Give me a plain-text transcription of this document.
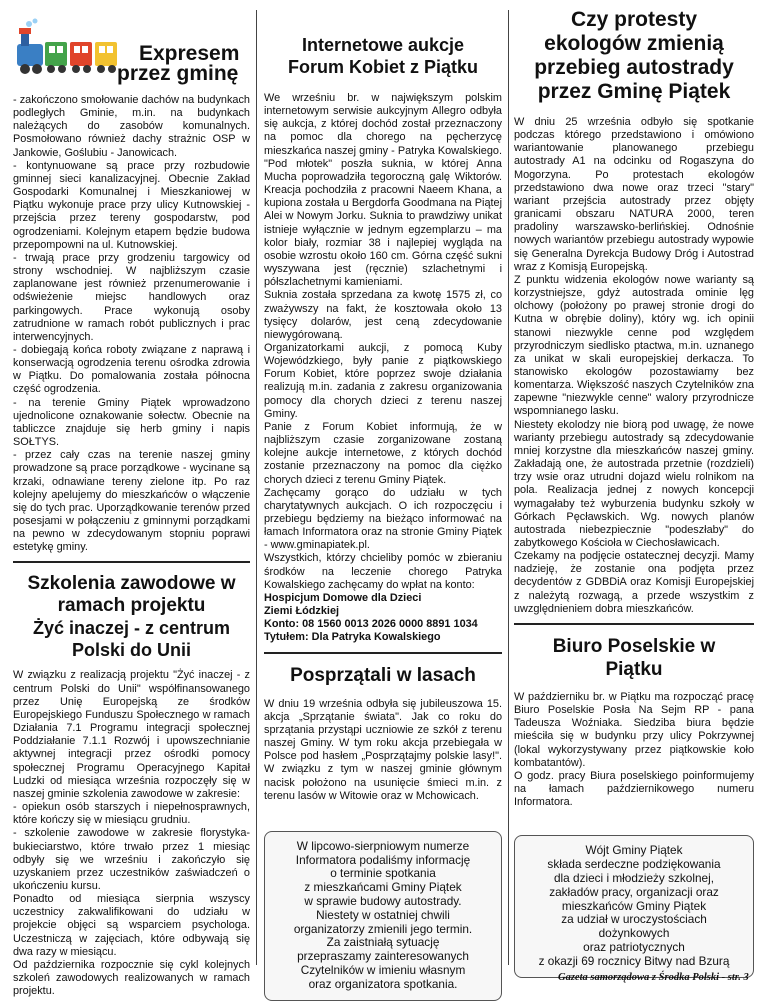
Expresem
przez gminę

- zakończono smołowanie dachów na budynkach podległych Gminie, m.in. na budynkach należących do zasobów komunalnych. Posmołowano również dachy strażnic OSP w Jankowie, Goślubiu - Janowicach.

- kontynuowane są prace przy rozbudowie gminnej sieci kanalizacyjnej. Obecnie Zakład Gospodarki Komunalnej i Mieszkaniowej w Piątku wykonuje prace przy ulicy Kutnowskiej - przejścia przez tereny gospodarstw, pod ogrodzeniami. Kolejnym etapem będzie budowa przepompowni na ul. Kutnowskiej.

- trwają prace przy grodzeniu targowicy od strony wschodniej. W najbliższym czasie zaplanowane jest również przenumerowanie i odświeżenie miejsc handlowych oraz parkingowych. Prace wykonują osoby zatrudnione w ramach robót publicznych i prac interwencyjnych.

- dobiegają końca roboty związane z naprawą i konserwacją ogrodzenia terenu ośrodka zdrowia w Piątku. Do pomalowania została północna część ogrodzenia.

- na terenie Gminy Piątek wprowadzono ujednolicone oznakowanie sołectw. Obecnie na tabliczce znajduje się herb gminy i napis SOŁTYS.

- przez cały czas na terenie naszej gminy prowadzone są prace porządkowe - wycinane są krzaki, odnawiane tereny zielone itp. Po raz kolejny apelujemy do mieszkańców o włączenie się do tych prac. Uporządkowanie terenów przed posesjami w połączeniu z gminnymi porządkami na pewno w zdecydowanym stopniu poprawi estetykę gminy.

Szkolenia zawodowe w ramach projektu
Żyć inaczej - z centrum Polski do Unii

W związku z realizacją projektu "Żyć inaczej - z centrum Polski do Unii" współfinansowanego przez Unię Europejską ze środków Europejskiego Funduszu Społecznego w ramach Działania 7.1 Programu integracji społecznej Poddziałanie 7.1.1 Rozwój i upowszechnianie aktywnej integracji przez ośrodki pomocy społecznej Programu Operacyjnego Kapitał Ludzki od miesiąca września rozpoczęły się w naszej gminie szkolenia zawodowe w zakresie:

- opiekun osób starszych i niepełnosprawnych, które kończy się w miesiącu grudniu.

- szkolenie zawodowe w zakresie florystyka-bukieciarstwo, które trwało przez 1 miesiąc odbyły się we wrześniu i zakończyło się uzyskaniem przez uczestników zaświadczeń o ukończeniu kursu.

Ponadto od miesiąca sierpnia wszyscy uczestnicy zakwalifikowani do udziału w projekcie objęci są wsparciem psychologa. Uczestniczą w zajęciach, które odbywają się dwa razy w miesiącu.

Od października rozpocznie się cykl kolejnych szkoleń zawodowych realizowanych w ramach projektu.

Internetowe aukcje Forum Kobiet z Piątku

We wrześniu br. w największym polskim internetowym serwisie aukcyjnym Allegro odbyła się aukcja, z której dochód został przeznaczony na pomoc dla chorego na pęcherzycę mieszkańca naszej gminy - Patryka Kowalskiego. "Pod młotek" poszła suknia, w której Anna Mucha poprowadziła tegoroczną galę Wiktorów. Kreacja pochodziła z pracowni Naeem Khana, a kupiona została u Bergdorfa Goodmana na Piątej Alei w Nowym Jorku. Suknia to prawdziwy unikat istnieje wyłącznie w jednym egzemplarzu – ma kolor biały, rozmiar 38 i najlepiej wygląda na osobie wzrostu około 160 cm. Górna część sukni wyszywana jest (ręcznie) szlachetnymi i półszlachetnymi kamieniami.

Suknia została sprzedana za kwotę 1575 zł, co zważywszy na fakt, że kosztowała około 13 tysięcy dolarów, jest ceną zdecydowanie niewygórowaną.

Organizatorkami aukcji, z pomocą Kuby Wojewódzkiego, były panie z piątkowskiego Forum Kobiet, które poprzez swoje działania realizują m.in. zadania z zakresu organizowania pomocy dla chorych dzieci z terenu naszej Gminy.

Panie z Forum Kobiet informują, że w najbliższym czasie zorganizowane zostaną kolejne aukcje internetowe, z których dochód zostanie przeznaczony na pomoc dla ciężko chorych dzieci z terenu Gminy Piątek.

Zachęcamy gorąco do udziału w tych charytatywnych aukcjach. O ich rozpoczęciu i przebiegu będziemy na bieżąco informować na łamach Informatora oraz na stronie Gminy Piątek - www.gminapiatek.pl.

Wszystkich, którzy chcieliby pomóc w zbieraniu środków na leczenie chorego Patryka Kowalskiego zachęcamy do wpłat na konto:

Hospicjum Domowe dla Dzieci

Ziemi Łódzkiej

Konto: 08 1560 0013 2026 0000 8891 1034

Tytułem: Dla Patryka Kowalskiego

Posprzątali w lasach

W dniu 19 września odbyła się jubileuszowa 15. akcja „Sprzątanie świata". Jak co roku do sprzątania przystąpi uczniowie ze szkół z terenu naszej Gminy. W tym roku akcja przebiegała w Polsce pod hasłem „Posprzątajmy polskie lasy!". W związku z tym w naszej gminie głównym nacisk położono na usunięcie śmieci m.in. z terenu lasów w Witowie oraz w Mchowicach.

W lipcowo-sierpniowym numerze
Informatora podaliśmy informację
o terminie spotkania
z mieszkańcami Gminy Piątek
w sprawie budowy autostrady.
Niestety w ostatniej chwili
organizatorzy zmienili jego termin.
Za zaistniałą sytuację
przepraszamy zainteresowanych
Czytelników w imieniu własnym
oraz organizatora spotkania.
Czy protesty ekologów zmienią przebieg autostrady przez Gminę Piątek

W dniu 25 września odbyło się spotkanie podczas którego przedstawiono i omówiono wariantowanie planowanego przebiegu autostrady A1 na odcinku od Rogaszyna do Mogorzyna. Po protestach ekologów przedstawiono dwa nowe oraz trzeci "stary" wariant przejścia autostrady przez objęty granicami obszaru NATURA 2000, teren pradoliny warszawsko-berlińskiej. Odnośnie nowych wariantów przebiegu autostrady wypowie się Generalna Dyrekcja Budowy Dróg i Autostrad wraz z Komisją Europejską.

Z punktu widzenia ekologów nowe warianty są korzystniejsze, gdyż autostrada ominie lęg olchowy (położony po prawej stronie drogi do Kutna w obrębie doliny), który wg. ich opinii stanowi niezwykle cenne pod względem przyrodniczym siedlisko ptactwa, m.in. uznanego za unikat w skali europejskiej derkacza. To stanowisko ekologów pozostawiamy bez komentarza. Większość naszych Czytelników zna zapewne "niezwykle cenne" walory przyrodnicze wspomnianego lasku.

Niestety ekolodzy nie biorą pod uwagę, że nowe warianty przebiegu autostrady są zdecydowanie mniej korzystne dla mieszkańców naszej gminy. Zakładają one, że autostrada przetnie (rozdzieli) trzy wsie oraz utrudni dojazd wielu rolnikom na pola. Realizacja jednej z nowych koncepcji wymagałaby też wyburzenia budynku szkoły w Górkach Pęcławskich. Wg. nowych planów autostrada niebezpiecznie "podeszłaby" do zabytkowego Kościoła w Ciechosławicach.

Czekamy na podjęcie ostatecznej decyzji. Mamy nadzieję, że zostanie ona podjęta przez decydentów z GDBDiA oraz Komisji Europejskiej z należytą rozwagą, a przede wszystkim z uwzględnieniem dobra mieszkańców.

Biuro Poselskie w Piątku

W październiku br. w Piątku ma rozpocząć pracę Biuro Poselskie Posła Na Sejm RP - pana Tadeusza Woźniaka. Siedziba biura będzie mieściła się w budynku przy ulicy Pokrzywnej (lokal wykorzystywany przez piątkowskie koło kombatantów).

O godz. pracy Biura poselskiego poinformujemy na łamach październikowego numeru Informatora.

Wójt Gminy Piątek
składa serdeczne podziękowania
dla dzieci i młodzieży szkolnej,
zakładów pracy, organizacji oraz
mieszkańców Gminy Piątek
za udział w uroczystościach
dożynkowych
oraz patriotycznych
z okazji 69 rocznicy Bitwy nad Bzurą
Gazeta samorządowa z Środka Polski - str. 3
